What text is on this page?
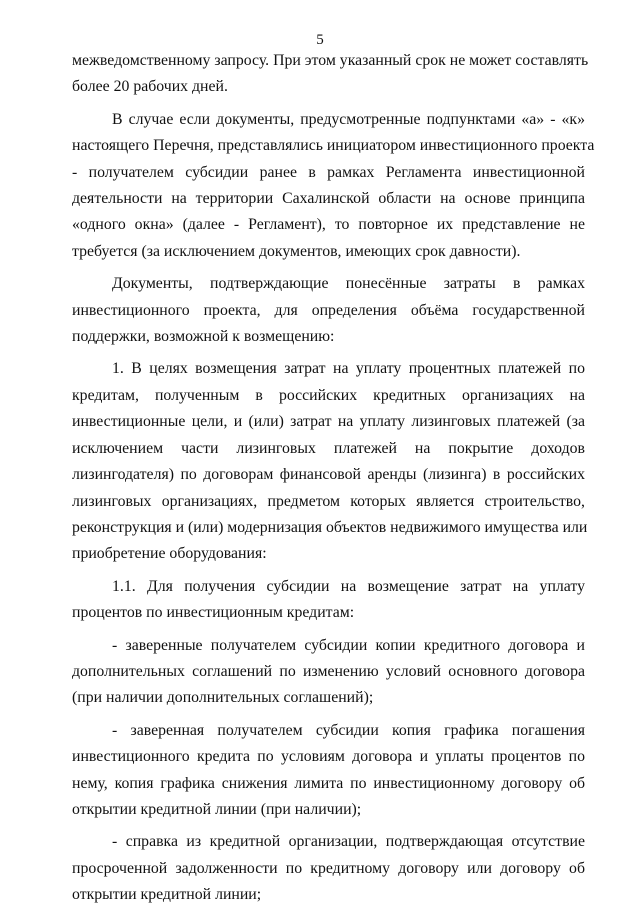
5

межведомственному запросу. При этом указанный срок не может составлять
более 20 рабочих дней.

В случае если документы, предусмотренные подпунктами «а» - «к»
настоящего Перечня, представлялись инициатором инвестиционного проекта
- получателем субсидии ранее в рамках Регламента инвестиционной
деятельности на территории Сахалинской области на основе принципа
«одного окна» (далее - Регламент), то повторное их представление не
требуется (за исключением документов, имеющих срок давности).

Документы, подтверждающие понесённые затраты в рамках
инвестиционного проекта, для определения объёма государственной
поддержки, возможной к возмещению:

1. В целях возмещения затрат на уплату процентных платежей по
кредитам, полученным в российских кредитных организациях на
инвестиционные цели, и (или) затрат на уплату лизинговых платежей (за
исключением части лизинговых платежей на покрытие доходов
лизингодателя) по договорам финансовой аренды (лизинга) в российских
лизинговых организациях, предметом которых является строительство,
реконструкция и (или) модернизация объектов недвижимого имущества или
приобретение оборудования:

1.1. Для получения субсидии на возмещение затрат на уплату
процентов по инвестиционным кредитам:

- заверенные получателем субсидии копии кредитного договора и
дополнительных соглашений по изменению условий основного договора
(при наличии дополнительных соглашений);

- заверенная получателем субсидии копия графика погашения
инвестиционного кредита по условиям договора и уплаты процентов по
нему, копия графика снижения лимита по инвестиционному договору об
открытии кредитной линии (при наличии);

- справка из кредитной организации, подтверждающая отсутствие
просроченной задолженности по кредитному договору или договору об
открытии кредитной линии;
